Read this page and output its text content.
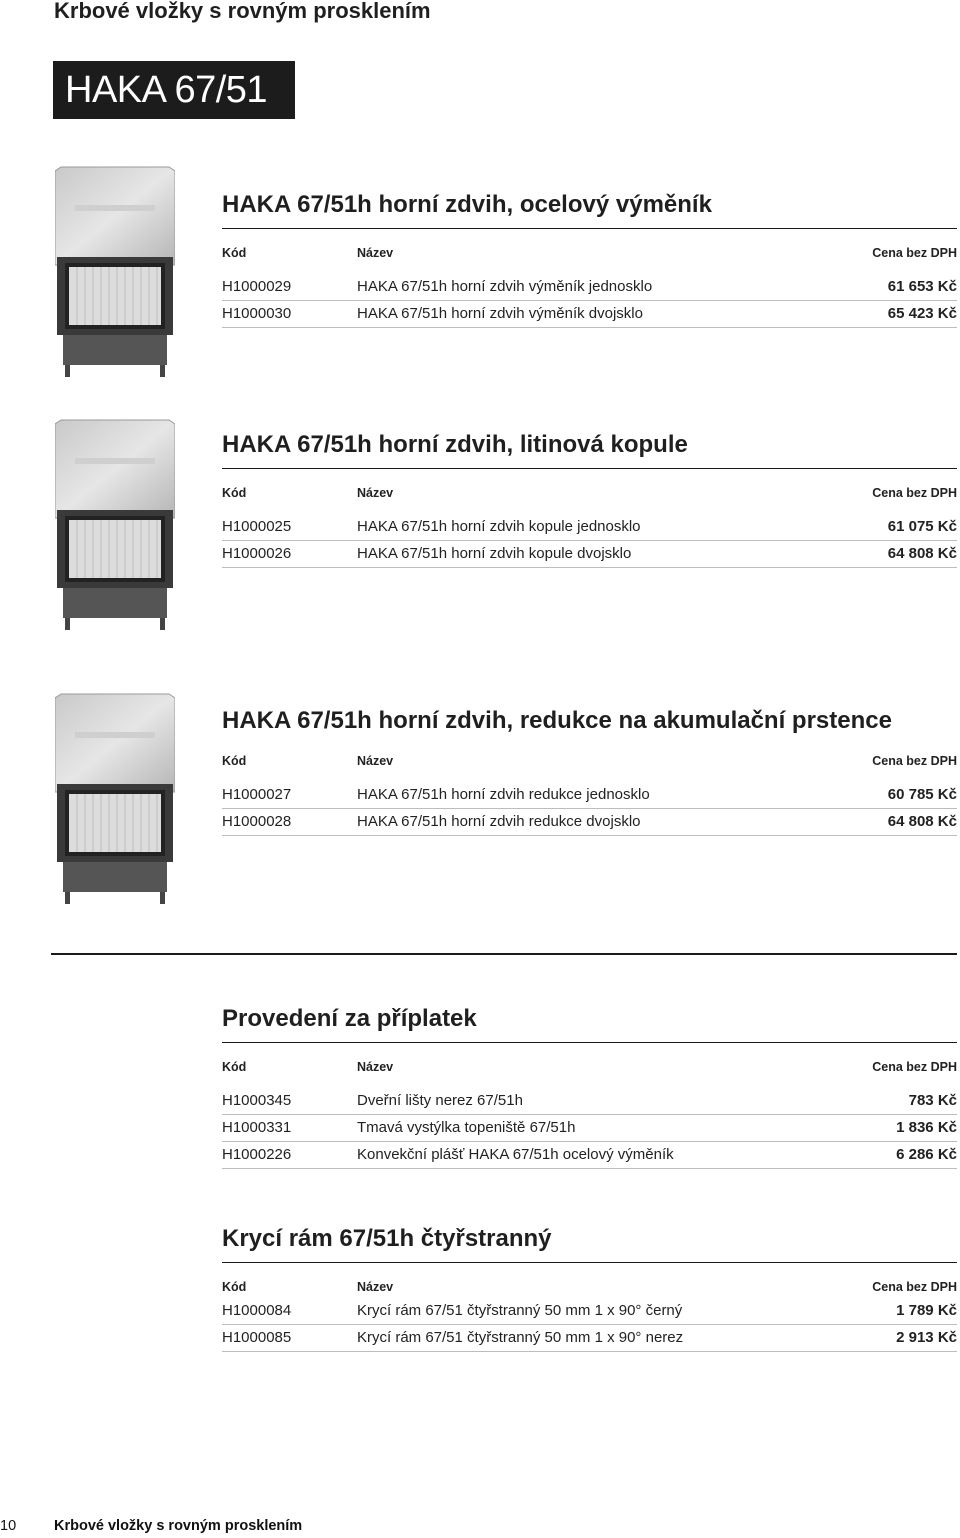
Krbové vložky s rovným prosklením
HAKA 67/51
HAKA 67/51h horní zdvih, ocelový výměník
Kód	Název	Cena bez DPH
H1000029	HAKA 67/51h horní zdvih výměník jednosklo	61 653 Kč
H1000030	HAKA 67/51h horní zdvih výměník dvojsklo	65 423 Kč
HAKA 67/51h horní zdvih, litinová kopule
Kód	Název	Cena bez DPH
H1000025	HAKA 67/51h horní zdvih kopule jednosklo	61 075 Kč
H1000026	HAKA 67/51h horní zdvih kopule dvojsklo	64 808 Kč
HAKA 67/51h horní zdvih, redukce na akumulační prstence
Kód	Název	Cena bez DPH
H1000027	HAKA 67/51h horní zdvih redukce jednosklo	60 785 Kč
H1000028	HAKA 67/51h horní zdvih redukce dvojsklo	64 808 Kč
Provedení za příplatek
Kód	Název	Cena bez DPH
H1000345	Dveřní lišty nerez 67/51h	783 Kč
H1000331	Tmavá vystýlka topeniště 67/51h	1 836 Kč
H1000226	Konvekční plášť HAKA 67/51h ocelový výměník	6 286 Kč
Krycí rám 67/51h čtyřstranný
Kód	Název	Cena bez DPH
H1000084	Krycí rám 67/51 čtyřstranný 50 mm 1 x 90° černý	1 789 Kč
H1000085	Krycí rám 67/51 čtyřstranný 50 mm 1 x 90° nerez	2 913 Kč
10	Krbové vložky s rovným prosklením
